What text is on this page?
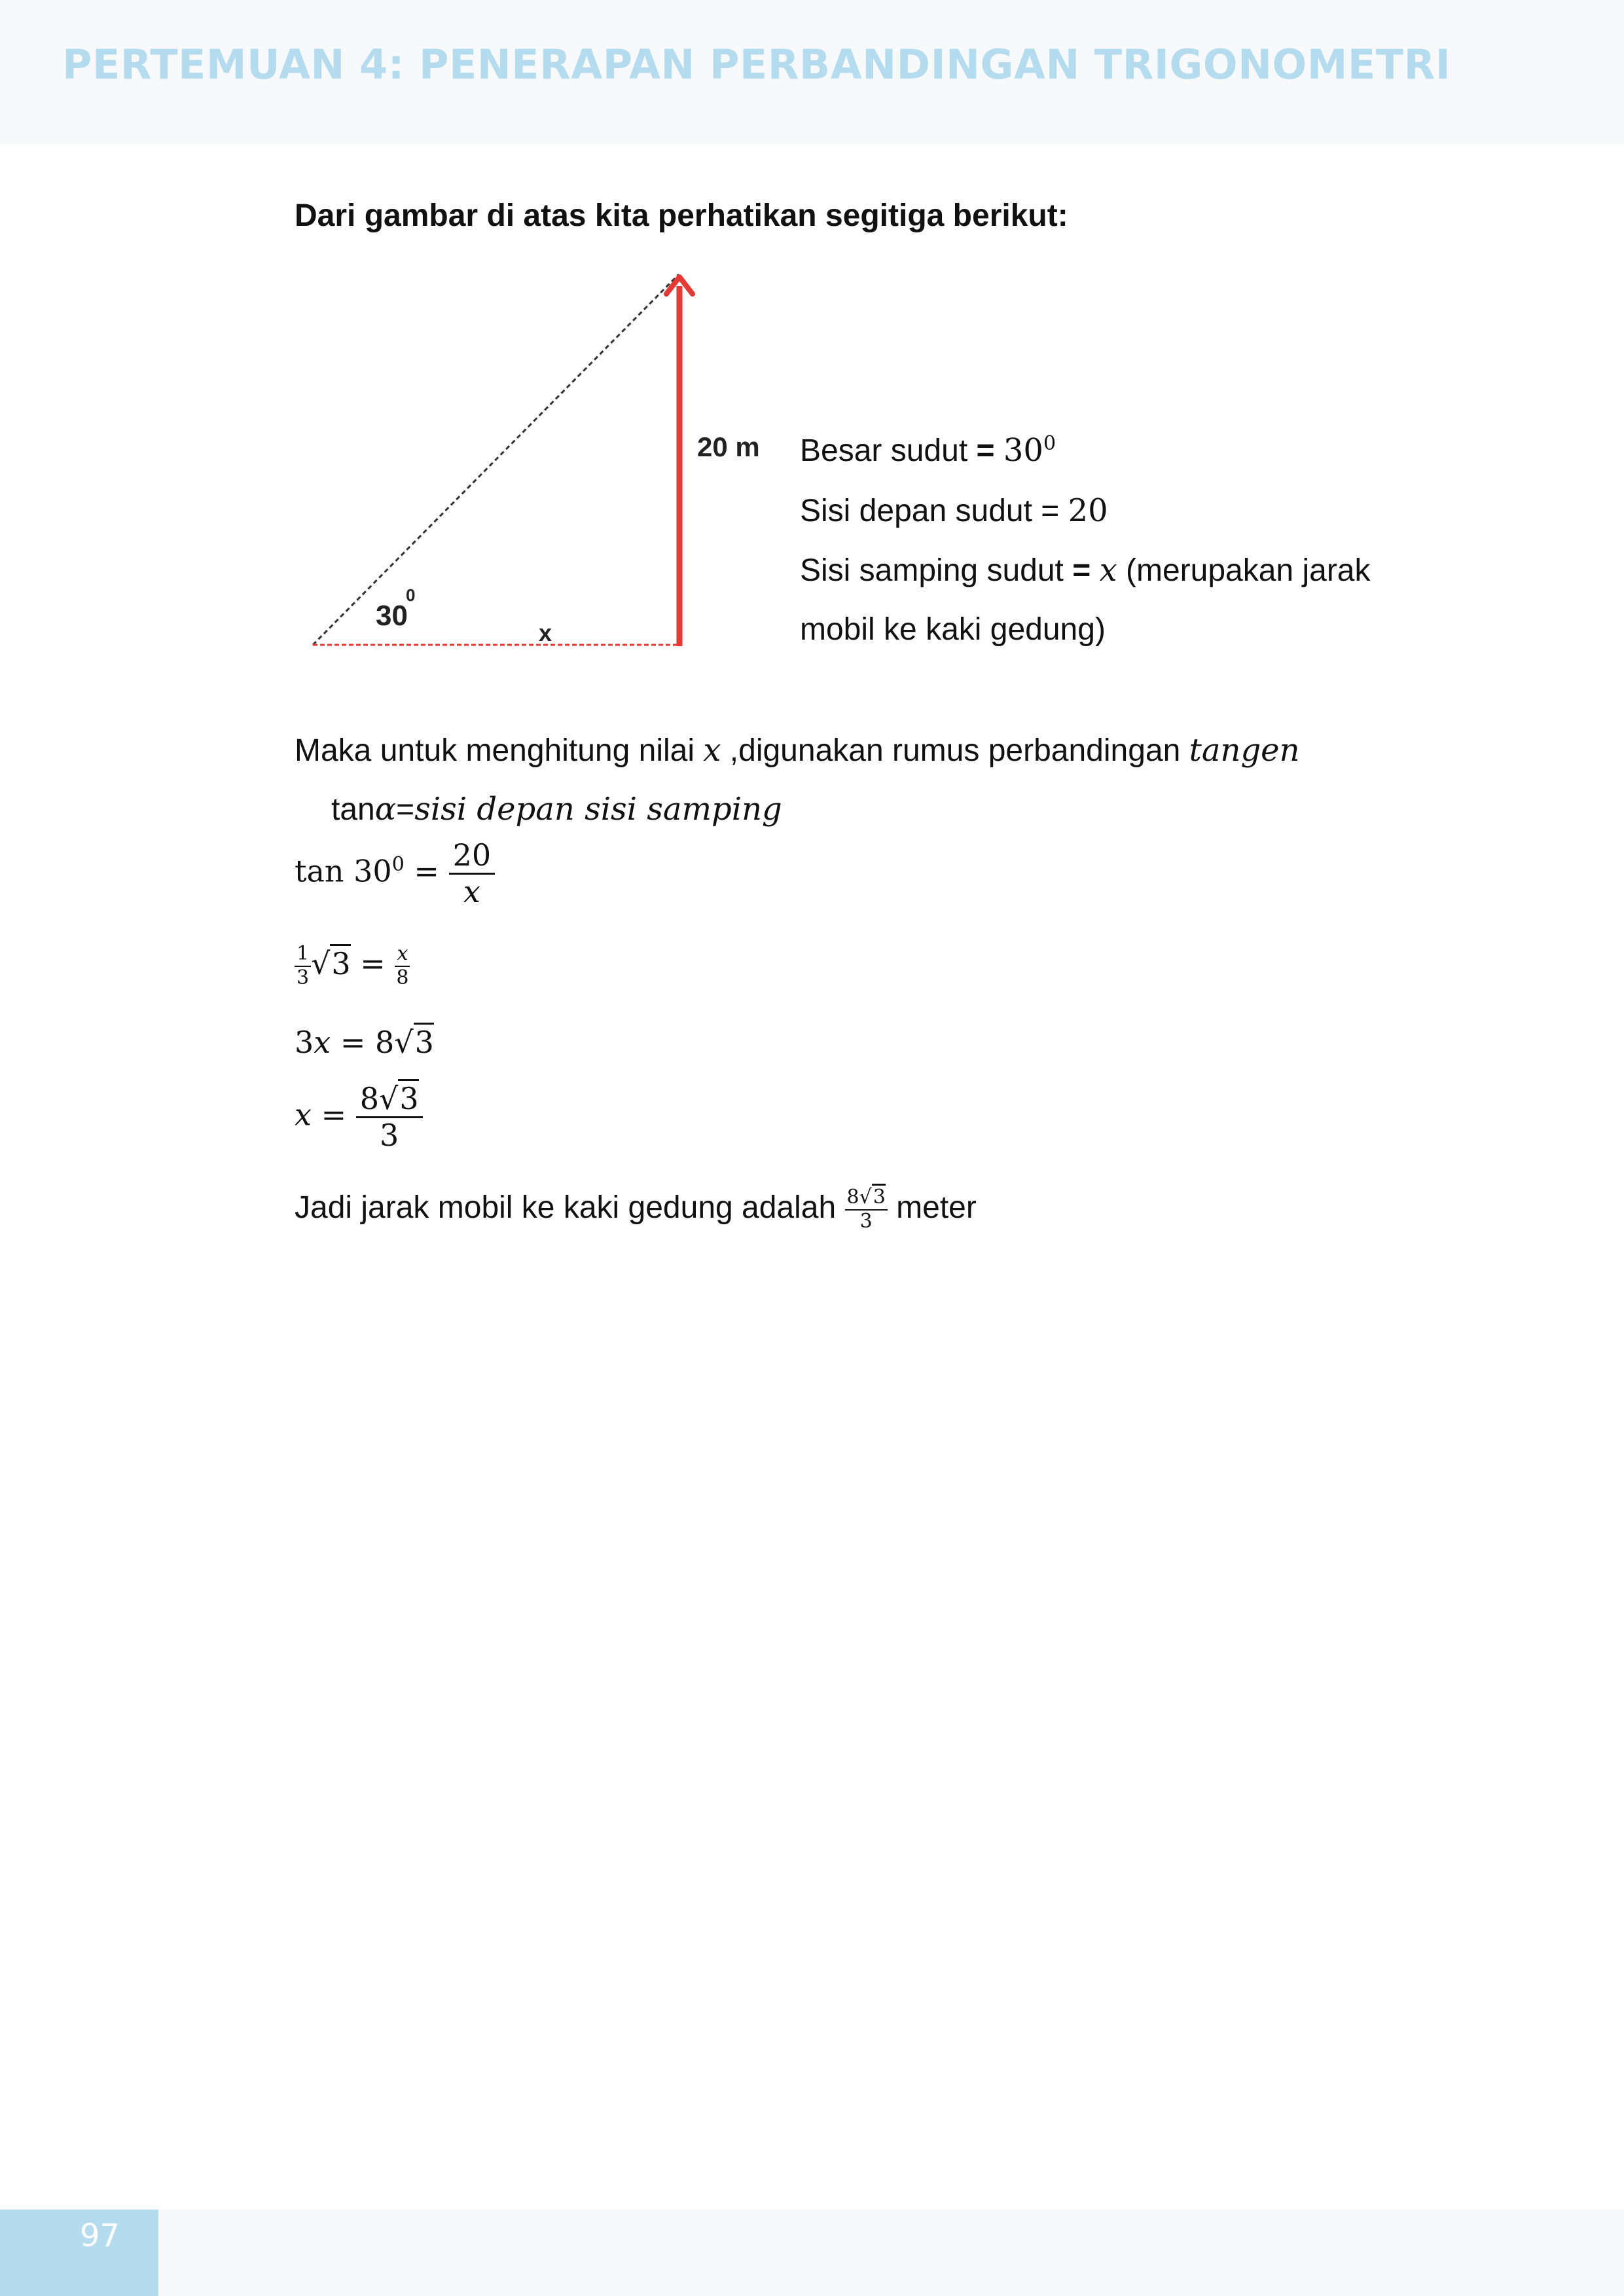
PERTEMUAN 4: PENERAPAN PERBANDINGAN TRIGONOMETRI
Dari gambar di atas kita perhatikan segitiga berikut:
20 m
30
0
x
Besar sudut = $30^0$
Sisi depan sudut = 20
Sisi samping sudut = x (merupakan jarak
mobil ke kaki gedung)
Maka untuk menghitung nilai x ,digunakan rumus perbandingan tangen
tanα=sisi depan sisi samping
$\tan 30^0 = \frac{20}{x}$
$\frac{1}{3} √3 = \frac{x}{8}$
3x = 8√3
$x = \frac{8√3}{3}$
Jadi jarak mobil ke kaki gedung adalah $\frac{8√3}{3}$ meter
97
